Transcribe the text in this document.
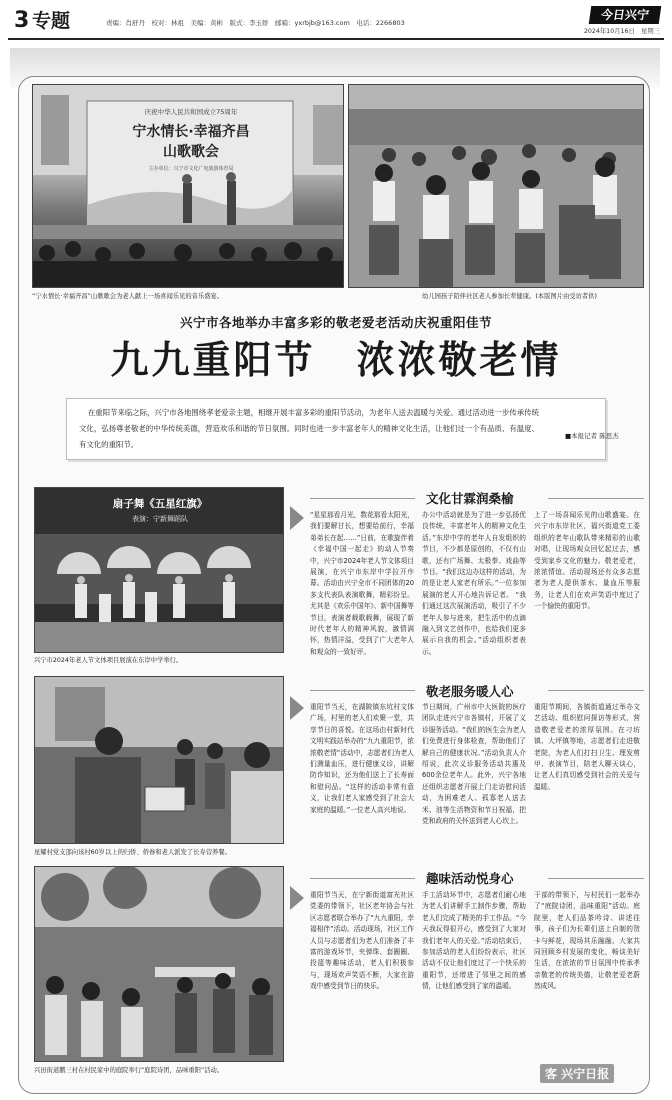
3 专题	责编：肖舒丹　校对：林祖　美编：黄彬　版式：李玉娇　邮箱：yxrbjb@163.com　电话：2266803
今日兴宁
2024年10月16日　星期三
庆祝中华人民共和国成立75周年
宁水情长·幸福齐昌
山歌歌会
主办单位：兴宁市文化广电旅游体育局
“宁水情长·幸福齐昌”山歌歌会为老人献上一场喜闻乐见的音乐盛宴。	幼儿园孩子陪伴社区老人参加长辈健康。(本版图片由受访者供)
兴宁市各地举办丰富多彩的敬老爱老活动庆祝重阳佳节
九九重阳节　浓浓敬老情
在重阳节来临之际，兴宁市各地围绕孝老爱亲主题，相继开展丰富多彩的重阳节活动，为老年人送去温暖与关爱。通过活动进一步传承传统文化，弘扬尊老敬老的中华传统美德，营造欢乐和谐的节日氛围。同时也进一步丰富老年人的精神文化生活，让他们过一个有品质、有温度、有文化的重阳节。
■本报记者 陈思杰
扇子舞《五星红旗》
表演：宁新舞蹈队
兴宁市2024年老人节文体项目展演在东岸中学举行。
文化甘霖润桑榆
“星星那看月光，数花那看太阳光，我们要解甘长，想要给前行，幸福弟弟长在起……”日前，在歌旋伴着《幸福中国一起走》的动人节奏中，兴宁市2024年老人节文体项目展演，在兴宁市东岸中学拉开序幕。活动由兴宁全市不同团体的20多支代表队表演歌舞，精彩纷呈。尤其是《欢乐中国年》、新中国舞等节目，表演者载歌载舞，展现了新时代老年人的精神风貌，激情满怀，热情洋溢，受到了广大老年人和观众的一致好评。
办公中活动就是为了进一步弘扬优良传统，丰富老年人的精神文化生活。”东岸中学的老年人自发组织的节目，不少都是原创的，不仅有山歌，还有广场舞、太极拳、戏曲等节目。“我们这边办这样的活动，为的是让老人家老有所乐。”一位参加展演的老人开心地告诉记者。 “我们通过这次展演活动，吸引了不少老年人参与进来，把生活中的点滴融入到文艺创作中，也给我们更多展示自我的机会。”活动组织者表示。
上了一场喜闻乐见的山歌盛宴。在兴宁市东岸社区，福兴街道党工委组织的老年山歌队带来精彩的山歌对唱，让现场观众回忆起过去，感受到家乡文化的魅力。敬老爱老，浓浓情谊。活动现场还有众多志愿者为老人提供茶水、量血压等服务，让老人们在欢声笑语中度过了一个愉快的重阳节。
星耀村党支部向该村60岁以上的归侨、侨眷和老人派发了长寿营养餐。
敬老服务暖人心
重阳节当天，在湖陂镇东坑村文体广场，村里的老人们欢聚一堂，共享节日的喜悦。在这场由村新时代文明实践站举办的“九九重阳节，浓浓敬老情”活动中，志愿者们为老人们测量血压，进行健康义诊，讲解防诈知识，还为他们送上了长寿面和慰问品。“这样的活动非常有意义，让我们老人家感受到了社会大家庭的温暖。”一位老人高兴地说。
节日期间，广州市中大医院的医疗团队走进兴宁市各镇村，开展了义诊服务活动。“我们的医生会为老人们免费进行身体检查，帮助他们了解自己的健康状况。”活动负责人介绍说，此次义诊服务活动共惠及600余位老年人。此外，兴宁各地还组织志愿者开展上门走访慰问活动，为困难老人、孤寡老人送去米、油等生活物资和节日祝福，把党和政府的关怀送到老人心坎上。
重阳节期间，各镇街道通过举办文艺活动、组织慰问探访等形式，营造敬老爱老的浓厚氛围。在刁坊镇、大坪镇等地，志愿者们走进敬老院，为老人们打扫卫生、理发剪甲、表演节目，陪老人聊天谈心，让老人们真切感受到社会的关爱与温暖。
兴田街道鹏三村在村民家中的庭院举行“庭院诗团，品味重阳”活动。
趣味活动悦身心
重阳节当天，在宁新街道富光社区党委的带领下，社区老年协会与社区志愿者联合举办了“九九重阳，幸福相伴”活动。活动现场，社区工作人员与志愿者们为老人们准备了丰富的游戏环节，夹弹珠、套圈圈、投篮等趣味活动，老人们积极参与，现场欢声笑语不断，大家在游戏中感受到节日的快乐。
手工活动环节中，志愿者们耐心地为老人们讲解手工制作步骤，帮助老人们完成了精美的手工作品。“今天我玩得很开心，感受到了大家对我们老年人的关爱。”活动结束后，参加活动的老人们纷纷表示，社区活动不仅让他们度过了一个快乐的重阳节，还增进了邻里之间的感情，让他们感受到了家的温暖。
干部的带领下，与村民们一起举办了“庭院诗团，品味重阳”活动。庭院里，老人们品茶吟诗、讲述往事，孩子们为长辈们送上自制的贺卡与鲜花，现场其乐融融。大家共同回顾乡村发展的变化，畅谈美好生活，在浓浓的节日氛围中传承孝亲敬老的传统美德，让敬老爱老蔚然成风。
客 兴宁日报
